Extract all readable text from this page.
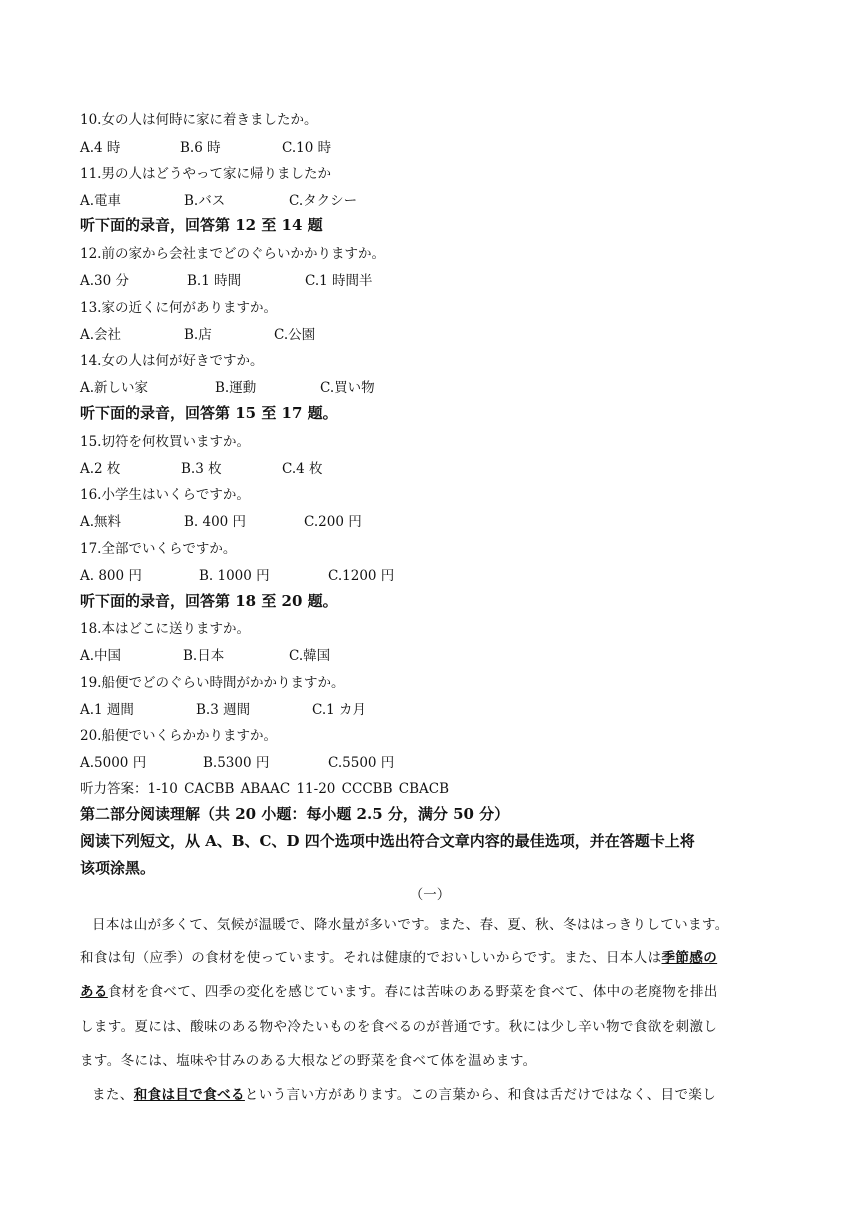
10.女の人は何時に家に着きましたか。
A.4 時	B.6 時	C.10 時
11.男の人はどうやって家に帰りましたか
A.電車	B.バス	C.タクシー
听下面的录音，回答第 12 至 14 题
12.前の家から会社までどのぐらいかかりますか。
A.30 分	B.1 時間	C.1 時間半
13.家の近くに何がありますか。
A.会社	B.店	C.公園
14.女の人は何が好きですか。
A.新しい家	B.運動	C.買い物
听下面的录音，回答第 15 至 17 题。
15.切符を何枚買いますか。
A.2 枚	B.3 枚	C.4 枚
16.小学生はいくらですか。
A.無料	B. 400 円	C.200 円
17.全部でいくらですか。
A. 800 円	B. 1000 円	C.1200 円
听下面的录音，回答第 18 至 20 题。
18.本はどこに送りますか。
A.中国	B.日本	C.韓国
19.船便でどのぐらい時間がかかりますか。
A.1 週間	B.3 週間	C.1 カ月
20.船便でいくらかかりますか。
A.5000 円	B.5300 円	C.5500 円
听力答案：1-10 CACBB ABAAC 11-20 CCCBB CBACB
第二部分阅读理解（共 20 小题：每小题 2.5 分，满分 50 分）
阅读下列短文，从 A、B、C、D 四个选项中选出符合文章内容的最佳选项，并在答题卡上将
该项涂黑。
（一）
日本は山が多くて、気候が温暖で、降水量が多いです。また、春、夏、秋、冬ははっきりしています。
和食は旬（应季）の食材を使っています。それは健康的でおいしいからです。また、日本人は季節感の
ある食材を食べて、四季の変化を感じています。春には苦味のある野菜を食べて、体中の老廃物を排出
します。夏には、酸味のある物や冷たいものを食べるのが普通です。秋には少し辛い物で食欲を刺激し
ます。冬には、塩味や甘みのある大根などの野菜を食べて体を温めます。
また、和食は目で食べるという言い方があります。この言葉から、和食は舌だけではなく、目で楽し
